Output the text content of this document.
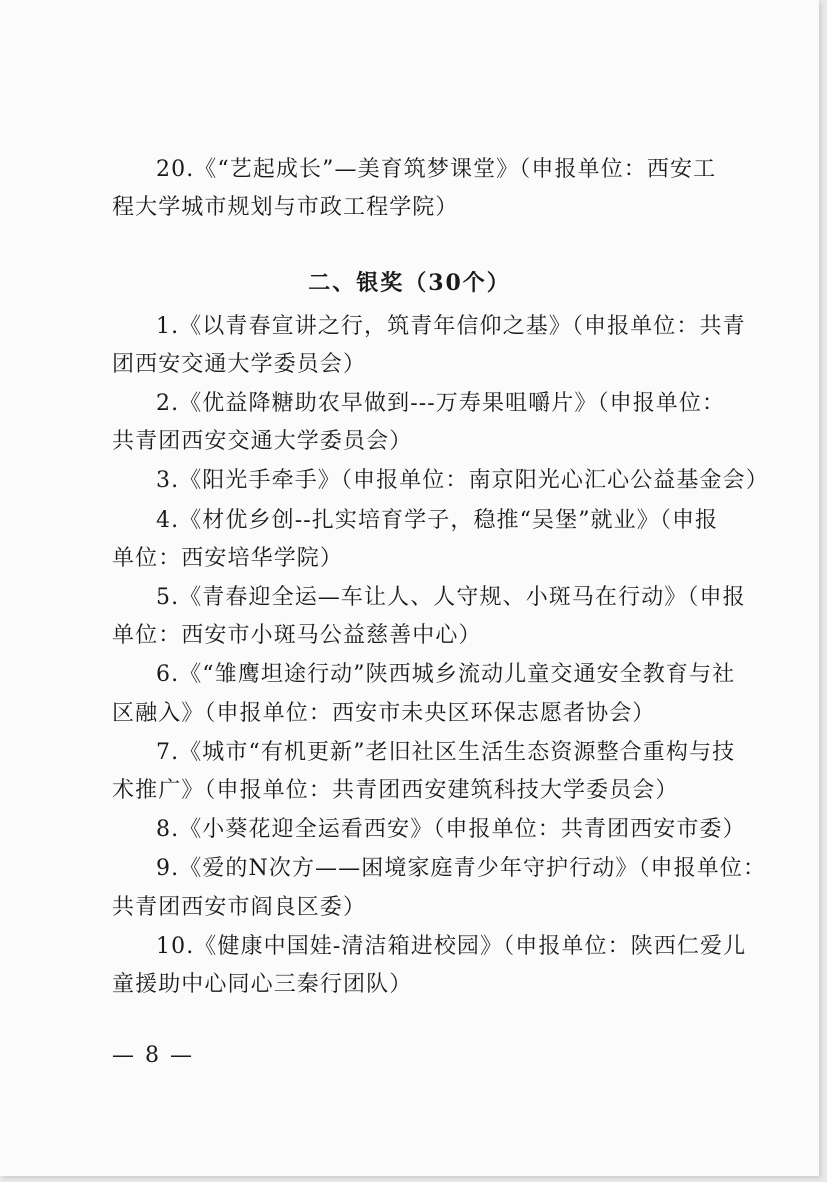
20.《“艺起成长”—美育筑梦课堂》（申报单位：西安工
程大学城市规划与市政工程学院）
二、银奖（30个）
1.《以青春宣讲之行，筑青年信仰之基》（申报单位：共青
团西安交通大学委员会）
2.《优益降糖助农早做到---万寿果咀嚼片》（申报单位：
共青团西安交通大学委员会）
3.《阳光手牵手》（申报单位：南京阳光心汇心公益基金会）
4.《材优乡创--扎实培育学子，稳推“吴堡”就业》（申报
单位：西安培华学院）
5.《青春迎全运—车让人、人守规、小斑马在行动》（申报
单位：西安市小斑马公益慈善中心）
6.《“雏鹰坦途行动”陕西城乡流动儿童交通安全教育与社
区融入》（申报单位：西安市未央区环保志愿者协会）
7.《城市“有机更新”老旧社区生活生态资源整合重构与技
术推广》（申报单位：共青团西安建筑科技大学委员会）
8.《小葵花迎全运看西安》（申报单位：共青团西安市委）
9.《爱的N次方——困境家庭青少年守护行动》（申报单位：
共青团西安市阎良区委）
10.《健康中国娃-清洁箱进校园》（申报单位：陕西仁爱儿
童援助中心同心三秦行团队）
— 8 —
